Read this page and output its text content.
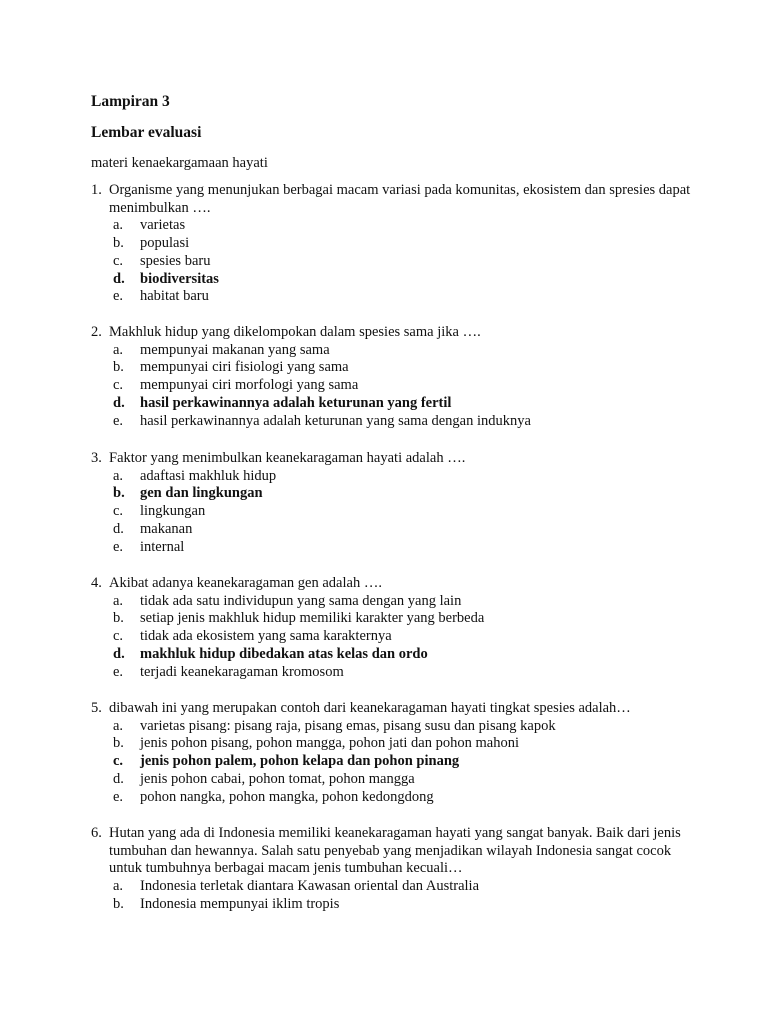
Lampiran 3
Lembar evaluasi
materi kenaekargamaan hayati
1. Organisme yang menunjukan berbagai macam variasi pada komunitas, ekosistem dan spresies dapat menimbulkan ….
a.	varietas
b.	populasi
c.	spesies baru
d.	biodiversitas
e.	habitat baru
2. Makhluk hidup yang dikelompokan dalam spesies sama jika ….
a.	mempunyai makanan yang sama
b.	mempunyai ciri fisiologi yang sama
c.	mempunyai ciri morfologi yang sama
d.	hasil perkawinannya adalah keturunan yang fertil
e.	hasil perkawinannya adalah keturunan yang sama dengan induknya
3. Faktor yang menimbulkan keanekaragaman hayati adalah ….
a.	adaftasi makhluk hidup
b.	gen dan lingkungan
c.	lingkungan
d.	makanan
e.	internal
4. Akibat adanya keanekaragaman gen adalah ….
a.	tidak ada satu individupun yang sama dengan yang lain
b.	setiap jenis makhluk hidup memiliki karakter yang berbeda
c.	tidak ada ekosistem yang sama karakternya
d.	makhluk hidup dibedakan atas kelas dan ordo
e.	terjadi keanekaragaman kromosom
5. dibawah ini yang merupakan contoh dari keanekaragaman hayati tingkat spesies adalah…
a.	varietas pisang: pisang raja, pisang emas, pisang susu dan pisang kapok
b.	jenis pohon pisang, pohon mangga, pohon jati dan pohon mahoni
c.	jenis pohon palem, pohon kelapa dan pohon pinang
d.	jenis pohon cabai, pohon tomat, pohon mangga
e.	pohon nangka, pohon mangka, pohon kedongdong
6. Hutan yang ada di Indonesia memiliki keanekaragaman hayati yang sangat banyak. Baik dari jenis tumbuhan dan hewannya. Salah satu penyebab yang menjadikan wilayah Indonesia sangat cocok untuk tumbuhnya berbagai macam jenis tumbuhan kecuali…
a.	Indonesia terletak diantara Kawasan oriental dan Australia
b.	Indonesia mempunyai iklim tropis
